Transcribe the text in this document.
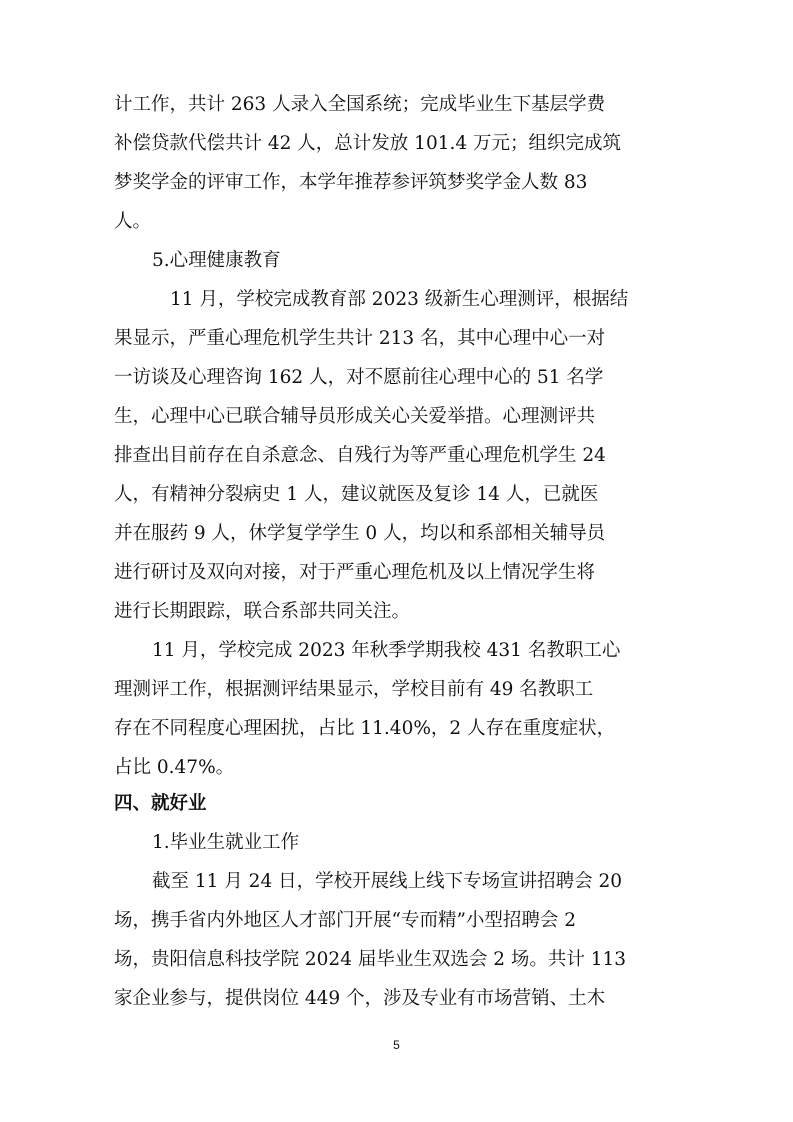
计工作，共计 263 人录入全国系统；完成毕业生下基层学费

补偿贷款代偿共计 42 人，总计发放 101.4 万元；组织完成筑

梦奖学金的评审工作，本学年推荐参评筑梦奖学金人数 83

人。

5.心理健康教育

11 月，学校完成教育部 2023 级新生心理测评，根据结

果显示，严重心理危机学生共计 213 名，其中心理中心一对

一访谈及心理咨询 162 人，对不愿前往心理中心的 51 名学

生，心理中心已联合辅导员形成关心关爱举措。心理测评共

排查出目前存在自杀意念、自残行为等严重心理危机学生 24

人，有精神分裂病史 1 人，建议就医及复诊 14 人，已就医

并在服药 9 人，休学复学学生 0 人，均以和系部相关辅导员

进行研讨及双向对接，对于严重心理危机及以上情况学生将

进行长期跟踪，联合系部共同关注。

11 月，学校完成 2023 年秋季学期我校 431 名教职工心

理测评工作，根据测评结果显示，学校目前有 49 名教职工

存在不同程度心理困扰，占比 11.40%，2 人存在重度症状，

占比 0.47%。

四、就好业

1.毕业生就业工作

截至 11 月 24 日，学校开展线上线下专场宣讲招聘会 20

场，携手省内外地区人才部门开展“专而精”小型招聘会 2

场，贵阳信息科技学院 2024 届毕业生双选会 2 场。共计 113

家企业参与，提供岗位 449 个，涉及专业有市场营销、土木

5
